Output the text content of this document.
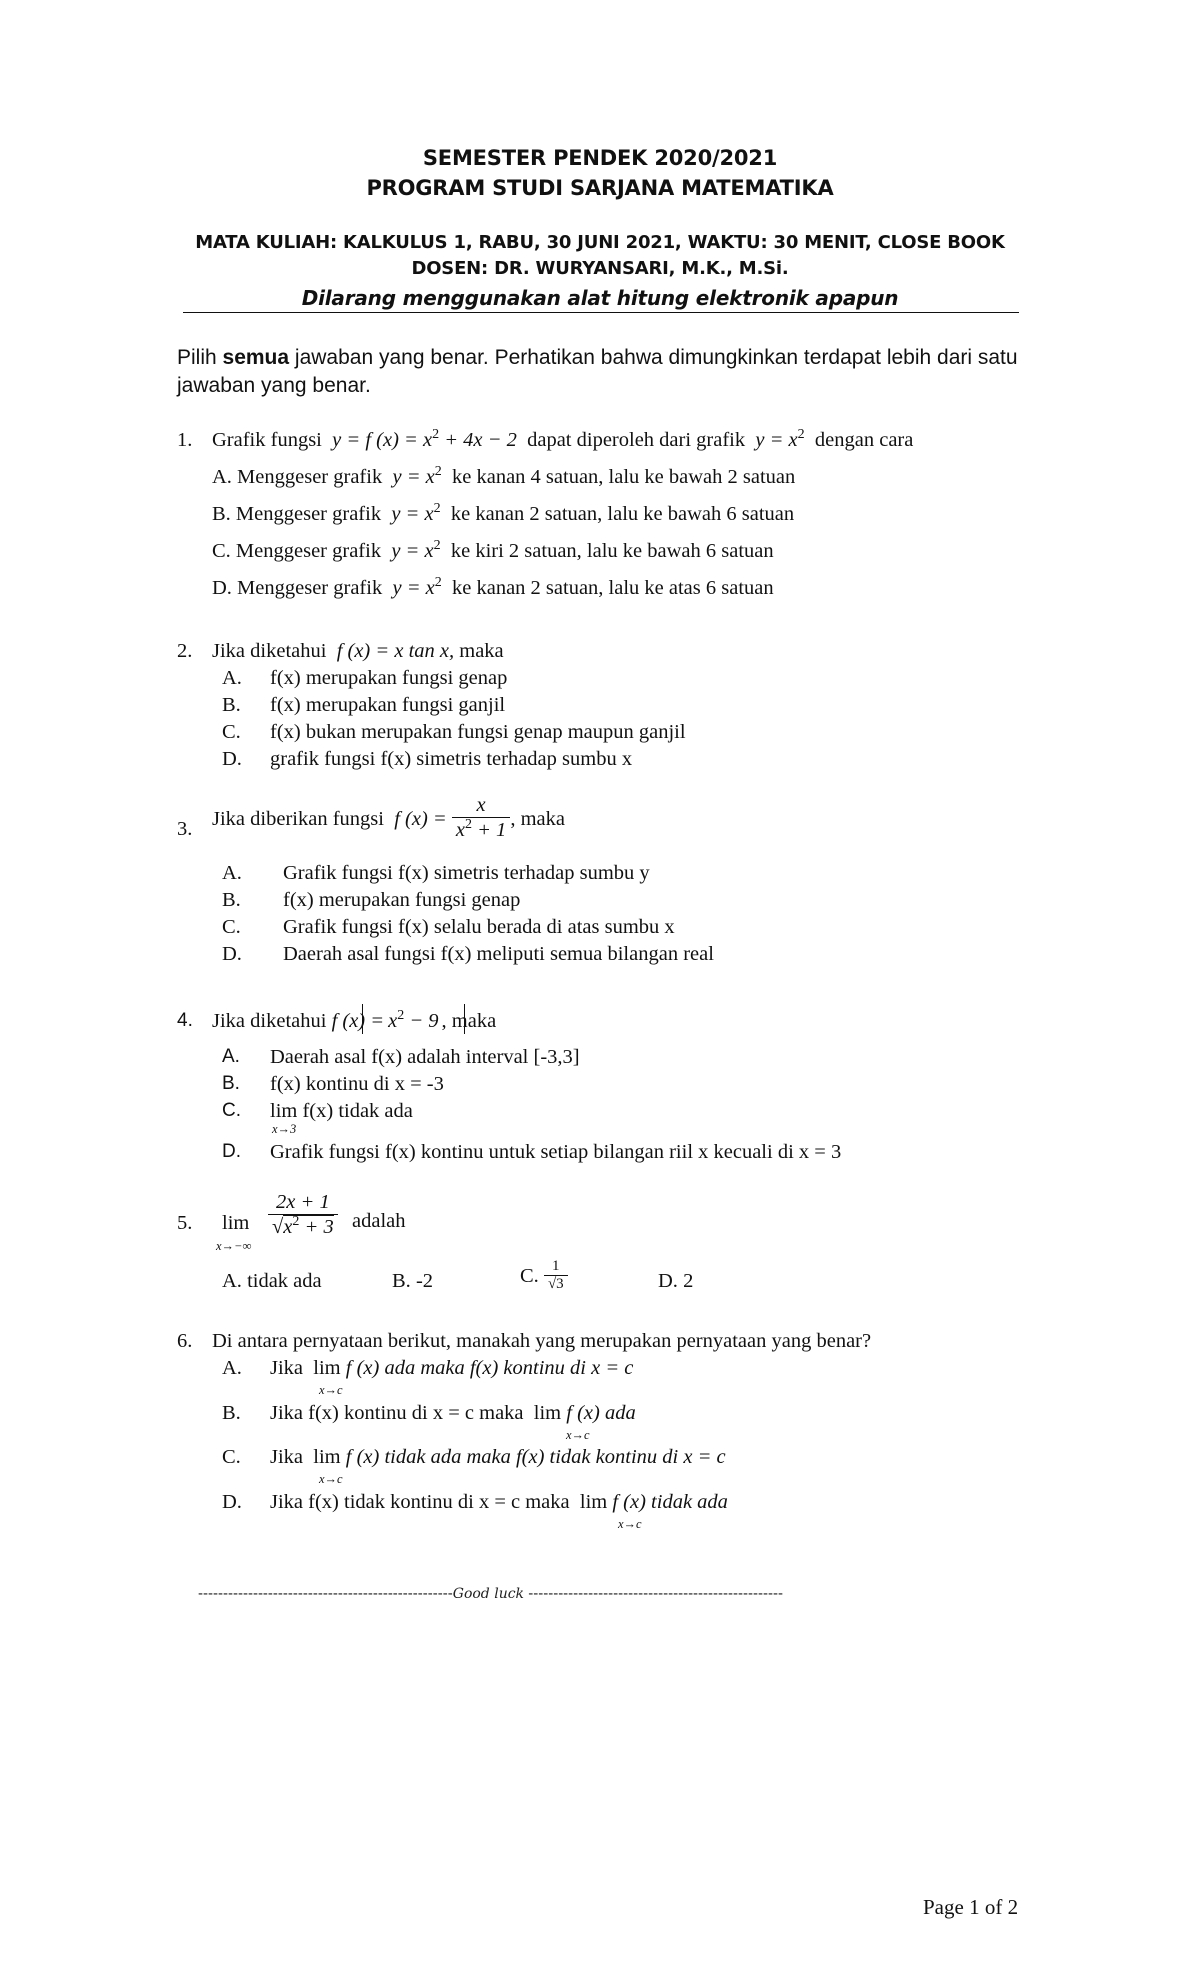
SEMESTER PENDEK 2020/2021
PROGRAM STUDI SARJANA MATEMATIKA
MATA KULIAH: KALKULUS 1, RABU, 30 JUNI 2021, WAKTU: 30 MENIT, CLOSE BOOK
DOSEN: DR. WURYANSARI, M.K., M.Si.
Dilarang menggunakan alat hitung elektronik apapun
Pilih semua jawaban yang benar. Perhatikan bahwa dimungkinkan terdapat lebih dari satu jawaban yang benar.
1. Grafik fungsi y = f $(x) = x^2 + 4x - 2$ dapat diperoleh dari grafik $y = x^2$ dengan cara
A. Menggeser grafik $y = x^2$ ke kanan 4 satuan, lalu ke bawah 2 satuan
B. Menggeser grafik $y = x^2$ ke kanan 2 satuan, lalu ke bawah 6 satuan
C. Menggeser grafik $y = x^2$ ke kiri 2 satuan, lalu ke bawah 6 satuan
D. Menggeser grafik $y = x^2$ ke kanan 2 satuan, lalu ke atas 6 satuan
2. Jika diketahui f (x) = x tan x, maka
A. f(x) merupakan fungsi genap
B. f(x) merupakan fungsi ganjil
C. f(x) bukan merupakan fungsi genap maupun ganjil
D. grafik fungsi f(x) simetris terhadap sumbu x
3. Jika diberikan fungsi f $(x) = \frac{x}{x^2 + 1}$ , maka
A. Grafik fungsi f(x) simetris terhadap sumbu y
B. f(x) merupakan fungsi genap
C. Grafik fungsi f(x) selalu berada di atas sumbu x
D. Daerah asal fungsi f(x) meliputi semua bilangan real
4. Jika diketahui f $(x) = x^2 - 9$ , maka
A. Daerah asal f(x) adalah interval [-3,3]
B. f(x) kontinu di x = -3
C. lim f(x) tidak ada
x→3
D. Grafik fungsi f(x) kontinu untuk setiap bilangan riil x kecuali di x = 3
5. lim
x→−∞
$\frac{2x + 1}{√x^2 + 3}$ adalah
A. tidak ada	B. -2	C. $\frac{1}{√3}$	D. 2
6. Di antara pernyataan berikut, manakah yang merupakan pernyataan yang benar?
A. Jika lim f (x) ada maka f(x) kontinu di x = c
x→c
B. Jika f(x) kontinu di x = c maka lim f (x) ada
x→c
C. Jika lim f (x) tidak ada maka f(x) tidak kontinu di x = c
x→c
D. Jika f(x) tidak kontinu di x = c maka lim f (x) tidak ada
x→c
---------------------------------------------------Good luck ---------------------------------------------------
Page 1 of 2
